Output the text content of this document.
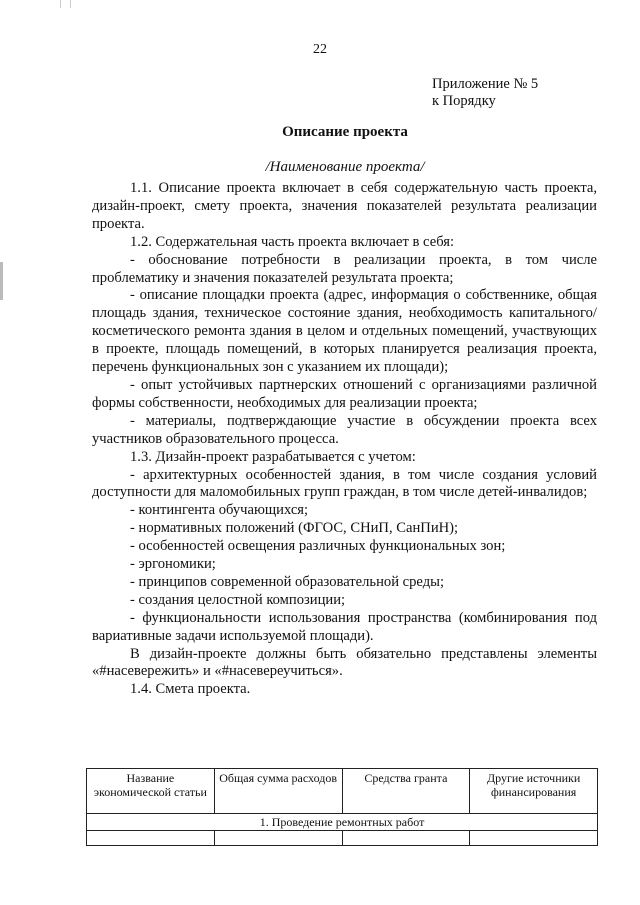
22
Приложение № 5
к Порядку
Описание проекта
/Наименование проекта/

1.1. Описание проекта включает в себя содержательную часть проекта, дизайн-проект, смету проекта, значения показателей результата реализации проекта.

1.2. Содержательная часть проекта включает в себя:

- обоснование потребности в реализации проекта, в том числе проблематику и значения показателей результата проекта;

- описание площадки проекта (адрес, информация о собственнике, общая площадь здания, техническое состояние здания, необходимость капитального/косметического ремонта здания в целом и отдельных помещений, участвующих в проекте, площадь помещений, в которых планируется реализация проекта, перечень функциональных зон с указанием их площади);

- опыт устойчивых партнерских отношений с организациями различной формы собственности, необходимых для реализации проекта;

- материалы, подтверждающие участие в обсуждении проекта всех участников образовательного процесса.

1.3. Дизайн-проект разрабатывается с учетом:

- архитектурных особенностей здания, в том числе создания условий доступности для маломобильных групп граждан, в том числе детей-инвалидов;

- контингента обучающихся;

- нормативных положений (ФГОС, СНиП, СанПиН);

- особенностей освещения различных функциональных зон;

- эргономики;

- принципов современной образовательной среды;

- создания целостной композиции;

- функциональности использования пространства (комбинирования под вариативные задачи используемой площади).

В дизайн-проекте должны быть обязательно представлены элементы «#насевережить» и «#насевереучиться».

1.4. Смета проекта.

Название экономической статьи	Общая сумма расходов	Средства гранта	Другие источники финансирования
1. Проведение ремонтных работ			
